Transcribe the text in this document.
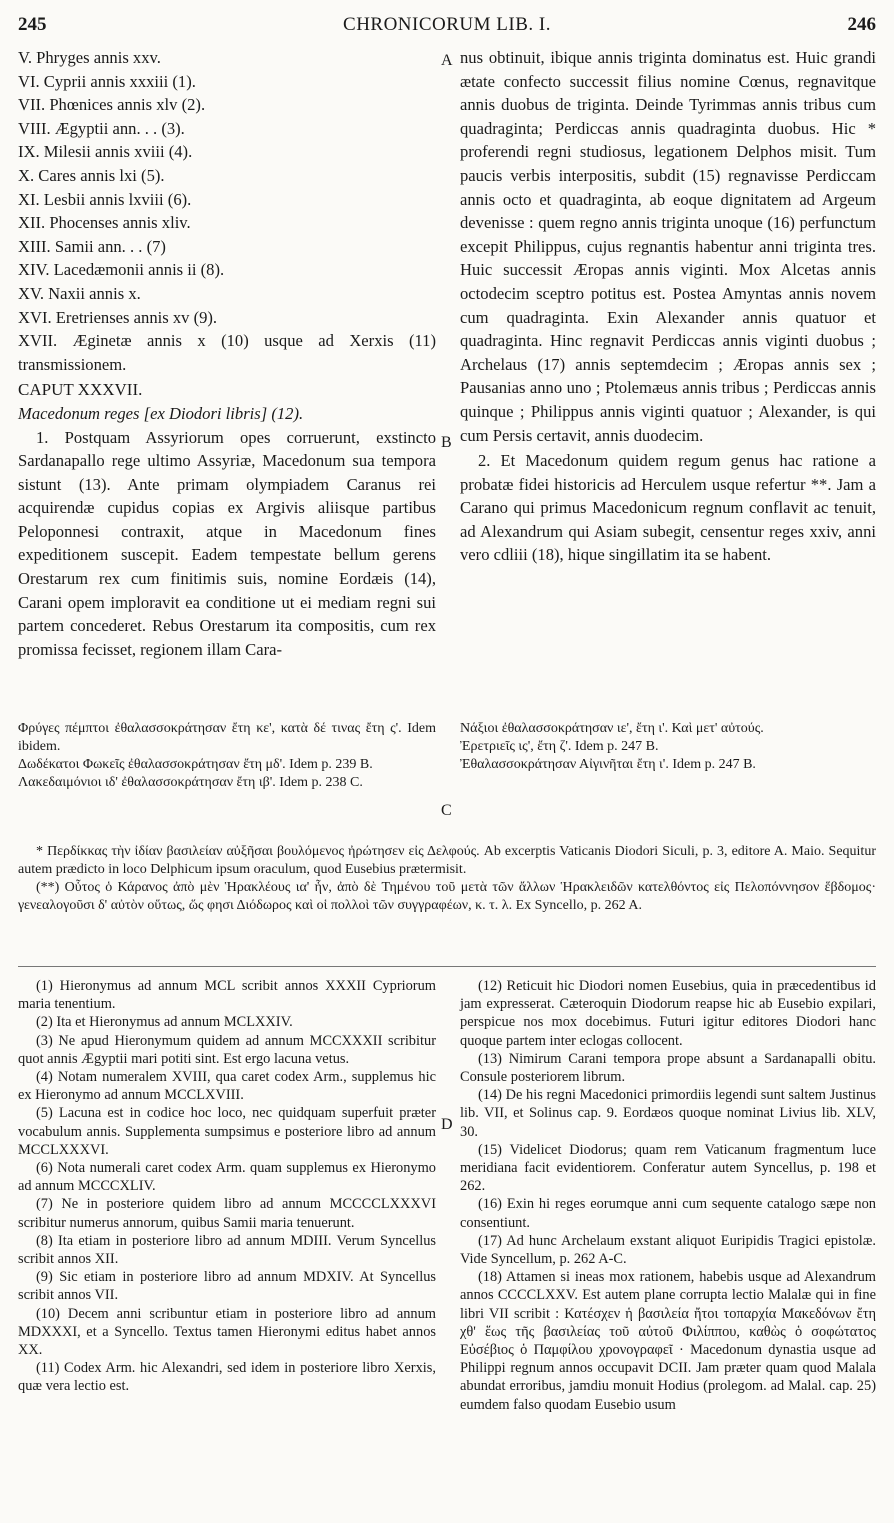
245	CHRONICORUM LIB. I.	246
A
B
C
D
V. Phryges annis xxv.
VI. Cyprii annis xxxiii (1).
VII. Phœnices annis xlv (2).
VIII. Ægyptii ann. . . (3).
IX. Milesii annis xviii (4).
X. Cares annis lxi (5).
XI. Lesbii annis lxviii (6).
XII. Phocenses annis xliv.
XIII. Samii ann. . . (7)
XIV. Lacedæmonii annis ii (8).
XV. Naxii annis x.
XVI. Eretrienses annis xv (9).

XVII. Æginetæ annis x (10) usque ad Xerxis (11) transmissionem.

CAPUT XXXVII.

Macedonum reges [ex Diodori libris] (12).

1. Postquam Assyriorum opes corruerunt, exstincto Sardanapallo rege ultimo Assyriæ, Macedonum sua tempora sistunt (13). Ante primam olympiadem Caranus rei acquirendæ cupidus copias ex Argivis aliisque partibus Peloponnesi contraxit, atque in Macedonum fines expeditionem suscepit. Eadem tempestate bellum gerens Orestarum rex cum finitimis suis, nomine Eordæis (14), Carani opem imploravit ea conditione ut ei mediam regni sui partem concederet. Rebus Orestarum ita compositis, cum rex promissa fecisset, regionem illam Cara-

nus obtinuit, ibique annis triginta dominatus est. Huic grandi ætate confecto successit filius nomine Cœnus, regnavitque annis duobus de triginta. Deinde Tyrimmas annis tribus cum quadraginta; Perdiccas annis quadraginta duobus. Hic * proferendi regni studiosus, legationem Delphos misit. Tum paucis verbis interpositis, subdit (15) regnavisse Perdiccam annis octo et quadraginta, ab eoque dignitatem ad Argeum devenisse : quem regno annis triginta unoque (16) perfunctum excepit Philippus, cujus regnantis habentur anni triginta tres. Huic successit Æropas annis viginti. Mox Alcetas annis octodecim sceptro potitus est. Postea Amyntas annis novem cum quadraginta. Exin Alexander annis quatuor et quadraginta. Hinc regnavit Perdiccas annis viginti duobus ; Archelaus (17) annis septemdecim ; Æropas annis sex ; Pausanias anno uno ; Ptolemæus annis tribus ; Perdiccas annis quinque ; Philippus annis viginti quatuor ; Alexander, is qui cum Persis certavit, annis duodecim.

2. Et Macedonum quidem regum genus hac ratione a probatæ fidei historicis ad Herculem usque refertur **. Jam a Carano qui primus Macedonicum regnum conflavit ac tenuit, ad Alexandrum qui Asiam subegit, censentur reges xxiv, anni vero cdliii (18), hique singillatim ita se habent.

Φρύγες πέμπτοι ἐθαλασσοκράτησαν ἔτη κε', κατὰ δέ τινας ἔτη ς'. Idem ibidem.

Δωδέκατοι Φωκεῖς ἐθαλασσοκράτησαν ἔτη μδ'. Idem p. 239 B.

Λακεδαιμόνιοι ιδ' ἐθαλασσοκράτησαν ἔτη ιβ'. Idem p. 238 C.

Νάξιοι ἐθαλασσοκράτησαν ιε', ἔτη ι'. Καὶ μετ' αὐτούς.

Ἐρετριεῖς ις', ἔτη ζ'. Idem p. 247 B.

Ἐθαλασσοκράτησαν Αἰγινῆται ἔτη ι'. Idem p. 247 B.

* Περδίκκας τὴν ἰδίαν βασιλείαν αὐξῆσαι βουλόμενος ἠρώτησεν εἰς Δελφούς. Ab excerptis Vaticanis Diodori Siculi, p. 3, editore A. Maio. Sequitur autem prædicto in loco Delphicum ipsum oraculum, quod Eusebius prætermisit.

(**) Οὗτος ὁ Κάρανος ἀπὸ μὲν Ἡρακλέους ια' ἦν, ἀπὸ δὲ Τημένου τοῦ μετὰ τῶν ἄλλων Ἡρακλειδῶν κατελθόντος εἰς Πελοπόννησον ἕβδομος· γενεαλογοῦσι δ' αὐτὸν οὕτως, ὥς φησι Διόδωρος καὶ οἱ πολλοὶ τῶν συγγραφέων, κ. τ. λ. Ex Syncello, p. 262 A.

(1) Hieronymus ad annum MCL scribit annos XXXII Cypriorum maria tenentium.

(2) Ita et Hieronymus ad annum MCLXXIV.

(3) Ne apud Hieronymum quidem ad annum MCCXXXII scribitur quot annis Ægyptii mari potiti sint. Est ergo lacuna vetus.

(4) Notam numeralem XVIII, qua caret codex Arm., supplemus hic ex Hieronymo ad annum MCCLXVIII.

(5) Lacuna est in codice hoc loco, nec quidquam superfuit præter vocabulum annis. Supplementa sumpsimus e posteriore libro ad annum MCCLXXXVI.

(6) Nota numerali caret codex Arm. quam supplemus ex Hieronymo ad annum MCCCXLIV.

(7) Ne in posteriore quidem libro ad annum MCCCCLXXXVI scribitur numerus annorum, quibus Samii maria tenuerunt.

(8) Ita etiam in posteriore libro ad annum MDIII. Verum Syncellus scribit annos XII.

(9) Sic etiam in posteriore libro ad annum MDXIV. At Syncellus scribit annos VII.

(10) Decem anni scribuntur etiam in posteriore libro ad annum MDXXXI, et a Syncello. Textus tamen Hieronymi editus habet annos XX.

(11) Codex Arm. hic Alexandri, sed idem in posteriore libro Xerxis, quæ vera lectio est.

(12) Reticuit hic Diodori nomen Eusebius, quia in præcedentibus id jam expresserat. Cæteroquin Diodorum reapse hic ab Eusebio expilari, perspicue nos mox docebimus. Futuri igitur editores Diodori hanc quoque partem inter eclogas collocent.

(13) Nimirum Carani tempora prope absunt a Sardanapalli obitu. Consule posteriorem librum.

(14) De his regni Macedonici primordiis legendi sunt saltem Justinus lib. VII, et Solinus cap. 9. Eordæos quoque nominat Livius lib. XLV, 30.

(15) Videlicet Diodorus; quam rem Vaticanum fragmentum luce meridiana facit evidentiorem. Conferatur autem Syncellus, p. 198 et 262.

(16) Exin hi reges eorumque anni cum sequente catalogo sæpe non consentiunt.

(17) Ad hunc Archelaum exstant aliquot Euripidis Tragici epistolæ. Vide Syncellum, p. 262 A-C.

(18) Attamen si ineas mox rationem, habebis usque ad Alexandrum annos CCCCLXXV. Est autem plane corrupta lectio Malalæ qui in fine libri VII scribit : Κατέσχεν ἡ βασιλεία ἤτοι τοπαρχία Μακεδόνων ἔτη χθ' ἕως τῆς βασιλείας τοῦ αὐτοῦ Φιλίππου, καθὼς ὁ σοφώτατος Εὐσέβιος ὁ Παμφίλου χρονογραφεῖ · Macedonum dynastia usque ad Philippi regnum annos occupavit DCII. Jam præter quam quod Malala abundat erroribus, jamdiu monuit Hodius (prolegom. ad Malal. cap. 25) eumdem falso quodam Eusebio usum
